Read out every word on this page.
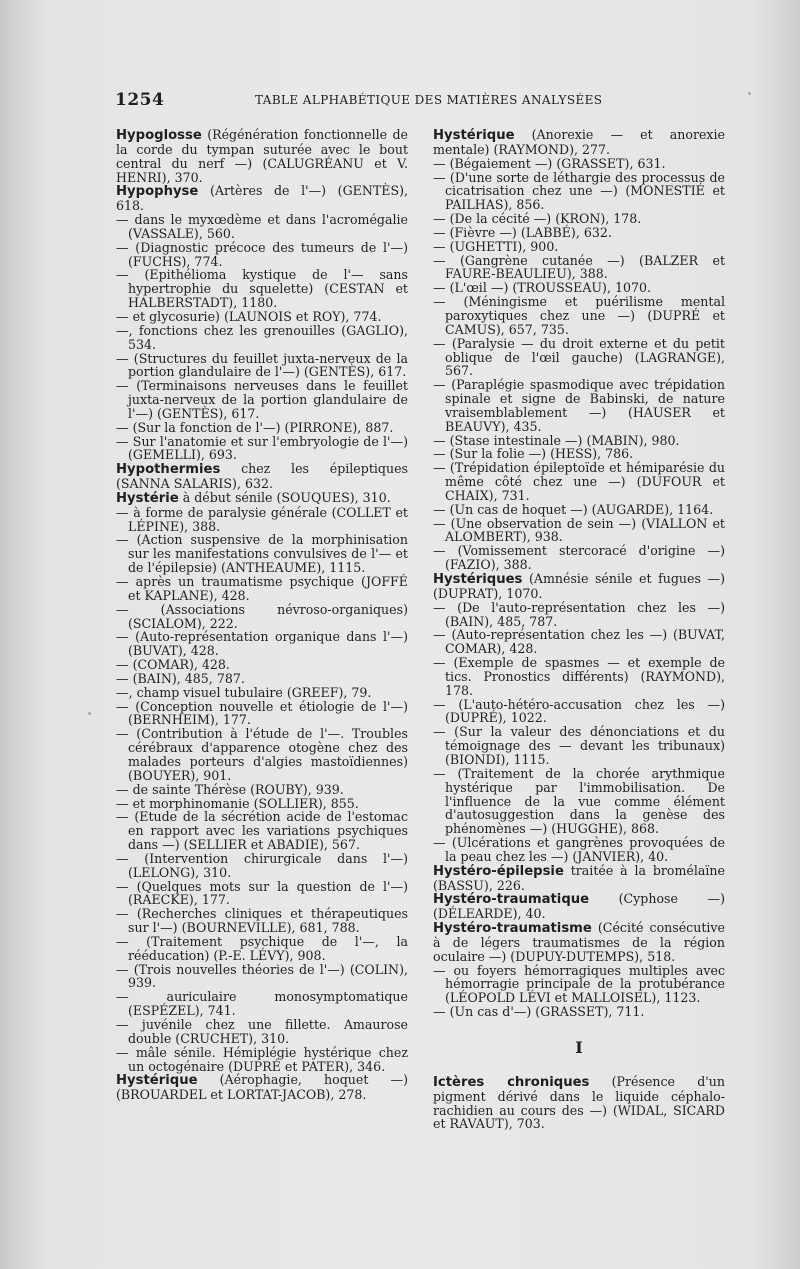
1254	TABLE ALPHABÉTIQUE DES MATIÈRES ANALYSÉES

Hypoglosse (Régénération fonctionnelle de la corde du tympan suturée avec le bout central du nerf —) (CALUGRÉANU et V. HENRI), 370.

Hypophyse (Artères de l'—) (GENTÈS), 618.

— dans le myxœdème et dans l'acromégalie (VASSALE), 560.

— (Diagnostic précoce des tumeurs de l'—) (FUCHS), 774.

— (Epithélioma kystique de l'— sans hypertrophie du squelette) (CESTAN et HALBERSTADT), 1180.

— et glycosurie) (LAUNOIS et ROY), 774.

—, fonctions chez les grenouilles (GAGLIO), 534.

— (Structures du feuillet juxta-nerveux de la portion glandulaire de l'—) (GENTÈS), 617.

— (Terminaisons nerveuses dans le feuillet juxta-nerveux de la portion glandulaire de l'—) (GENTÈS), 617.

— (Sur la fonction de l'—) (PIRRONE), 887.

— Sur l'anatomie et sur l'embryologie de l'—) (GEMELLI), 693.

Hypothermies chez les épileptiques (SANNA SALARIS), 632.

Hystérie à début sénile (SOUQUES), 310.

— à forme de paralysie générale (COLLET et LÉPINE), 388.

— (Action suspensive de la morphinisation sur les manifestations convulsives de l'— et de l'épilepsie) (ANTHEAUME), 1115.

— après un traumatisme psychique (JOFFÉ et KAPLANE), 428.

— (Associations névroso-organiques) (SCIALOM), 222.

— (Auto-représentation organique dans l'—) (BUVAT), 428.

— (COMAR), 428.

— (BAIN), 485, 787.

—, champ visuel tubulaire (GREEF), 79.

— (Conception nouvelle et étiologie de l'—) (BERNHEIM), 177.

— (Contribution à l'étude de l'—. Troubles cérébraux d'apparence otogène chez des malades porteurs d'algies mastoïdiennes) (BOUYER), 901.

— de sainte Thérèse (ROUBY), 939.

— et morphinomanie (SOLLIER), 855.

— (Etude de la sécrétion acide de l'estomac en rapport avec les variations psychiques dans —) (SELLIER et ABADIE), 567.

— (Intervention chirurgicale dans l'—) (LELONG), 310.

— (Quelques mots sur la question de l'—) (RAECKE), 177.

— (Recherches cliniques et thérapeutiques sur l'—) (BOURNEVILLE), 681, 788.

— (Traitement psychique de l'—, la rééducation) (P.-E. LÉVY), 908.

— (Trois nouvelles théories de l'—) (COLIN), 939.

— auriculaire monosymptomatique (ESPÉZEL), 741.

— juvénile chez une fillette. Amaurose double (CRUCHET), 310.

— mâle sénile. Hémiplégie hystérique chez un octogénaire (DUPRÉ et PATER), 346.

Hystérique (Aérophagie, hoquet —) (BROUARDEL et LORTAT-JACOB), 278.

Hystérique (Anorexie — et anorexie mentale) (RAYMOND), 277.

— (Bégaiement —) (GRASSET), 631.

— (D'une sorte de léthargie des processus de cicatrisation chez une —) (MONESTIÉ et PAILHAS), 856.

— (De la cécité —) (KRON), 178.

— (Fièvre —) (LABBÉ), 632.

— (UGHETTI), 900.

— (Gangrène cutanée —) (BALZER et FAURE-BEAULIEU), 388.

— (L'œil —) (TROUSSEAU), 1070.

— (Méningisme et puérilisme mental paroxytiques chez une —) (DUPRÉ et CAMUS), 657, 735.

— (Paralysie — du droit externe et du petit oblique de l'œil gauche) (LAGRANGE), 567.

— (Paraplégie spasmodique avec trépidation spinale et signe de Babinski, de nature vraisemblablement —) (HAUSER et BEAUVY), 435.

— (Stase intestinale —) (MABIN), 980.

— (Sur la folie —) (HESS), 786.

— (Trépidation épileptoïde et hémiparésie du même côté chez une —) (DUFOUR et CHAIX), 731.

— (Un cas de hoquet —) (AUGARDE), 1164.

— (Une observation de sein —) (VIALLON et ALOMBERT), 938.

— (Vomissement stercoracé d'origine —) (FAZIO), 388.

Hystériques (Amnésie sénile et fugues —) (DUPRAT), 1070.

— (De l'auto-représentation chez les —) (BAIN), 485, 787.

— (Auto-représentation chez les —) (BUVAT, COMAR), 428.

— (Exemple de spasmes — et exemple de tics. Pronostics différents) (RAYMOND), 178.

— (L'auto-hétéro-accusation chez les —) (DUPRÉ), 1022.

— (Sur la valeur des dénonciations et du témoignage des — devant les tribunaux) (BIONDI), 1115.

— (Traitement de la chorée arythmique hystérique par l'immobilisation. De l'influence de la vue comme élément d'autosuggestion dans la genèse des phénomènes —) (HUGGHE), 868.

— (Ulcérations et gangrènes provoquées de la peau chez les —) (JANVIER), 40.

Hystéro-épilepsie traitée à la bromélaïne (BASSU), 226.

Hystéro-traumatique (Cyphose —) (DÉLEARDE), 40.

Hystéro-traumatisme (Cécité consécutive à de légers traumatismes de la région oculaire —) (DUPUY-DUTEMPS), 518.

— ou foyers hémorragiques multiples avec hémorragie principale de la protubérance (LÉOPOLD LÉVI et MALLOISEL), 1123.

— (Un cas d'—) (GRASSET), 711.

I

Ictères chroniques (Présence d'un pigment dérivé dans le liquide céphalo-rachidien au cours des —) (WIDAL, SICARD et RAVAUT), 703.
